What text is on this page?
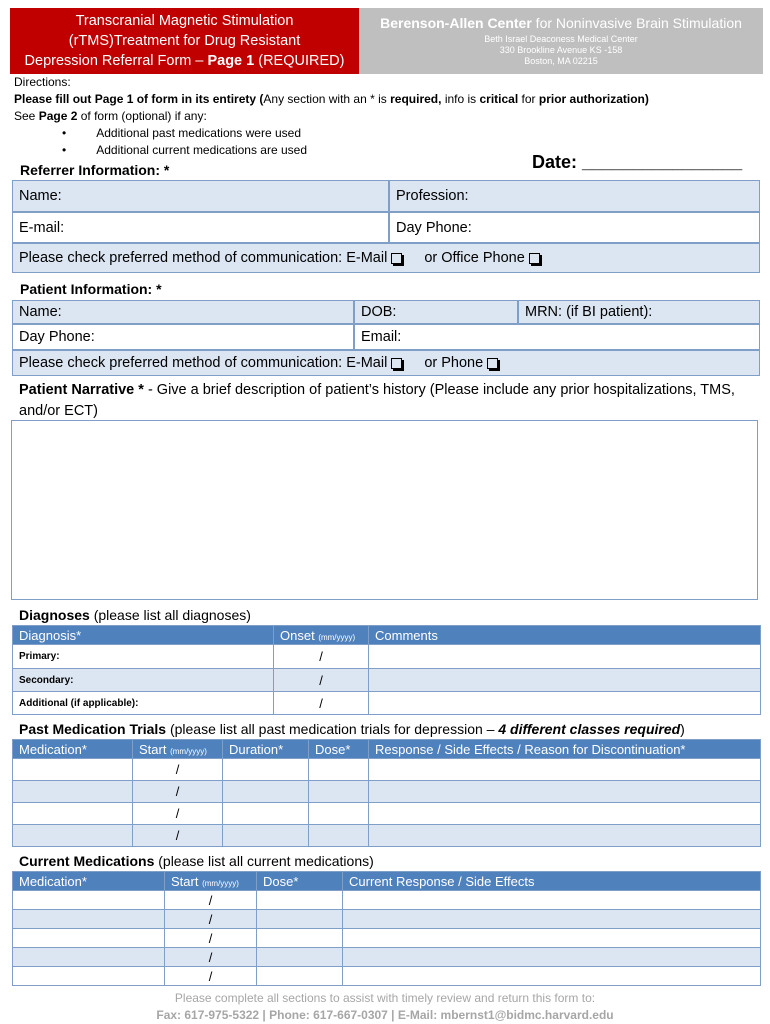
Transcranial Magnetic Stimulation
(rTMS)Treatment for Drug Resistant
Depression Referral Form – Page 1 (REQUIRED)
Berenson-Allen Center for Noninvasive Brain Stimulation
Beth Israel Deaconess Medical Center
330 Brookline Avenue KS -158
Boston, MA 02215
Directions:
Please fill out Page 1 of form in its entirety (Any section with an * is required, info is critical for prior authorization)
See Page 2 of form (optional) if any:
•         Additional past medications were used
•         Additional current medications are used
Date: ________________
Referrer Information: *
Name:	Profession:
E-mail:	Day Phone:
Please check preferred method of communication: E-Mail	or Office Phone
Patient Information: *
Name:	DOB:	MRN: (if BI patient):
Day Phone:	Email:
Please check preferred method of communication: E-Mail	or Phone
Patient Narrative * - Give a brief description of patient’s history (Please include any prior hospitalizations, TMS, and/or ECT)
Diagnoses (please list all diagnoses)
Diagnosis*	Onset (mm/yyyy)	Comments
Primary:	/	
Secondary:	/	
Additional (if applicable):	/	
Past Medication Trials (please list all past medication trials for depression – 4 different classes required)
Medication*	Start (mm/yyyy)	Duration*	Dose*	Response / Side Effects / Reason for Discontinuation*
	/			
	/			
	/			
	/			
Current Medications (please list all current medications)
Medication*	Start (mm/yyyy)	Dose*	Current Response / Side Effects
	/		
	/		
	/		
	/		
	/		
Please complete all sections to assist with timely review and return this form to:
Fax: 617-975-5322 | Phone: 617-667-0307 | E-Mail: mbernst1@bidmc.harvard.edu
